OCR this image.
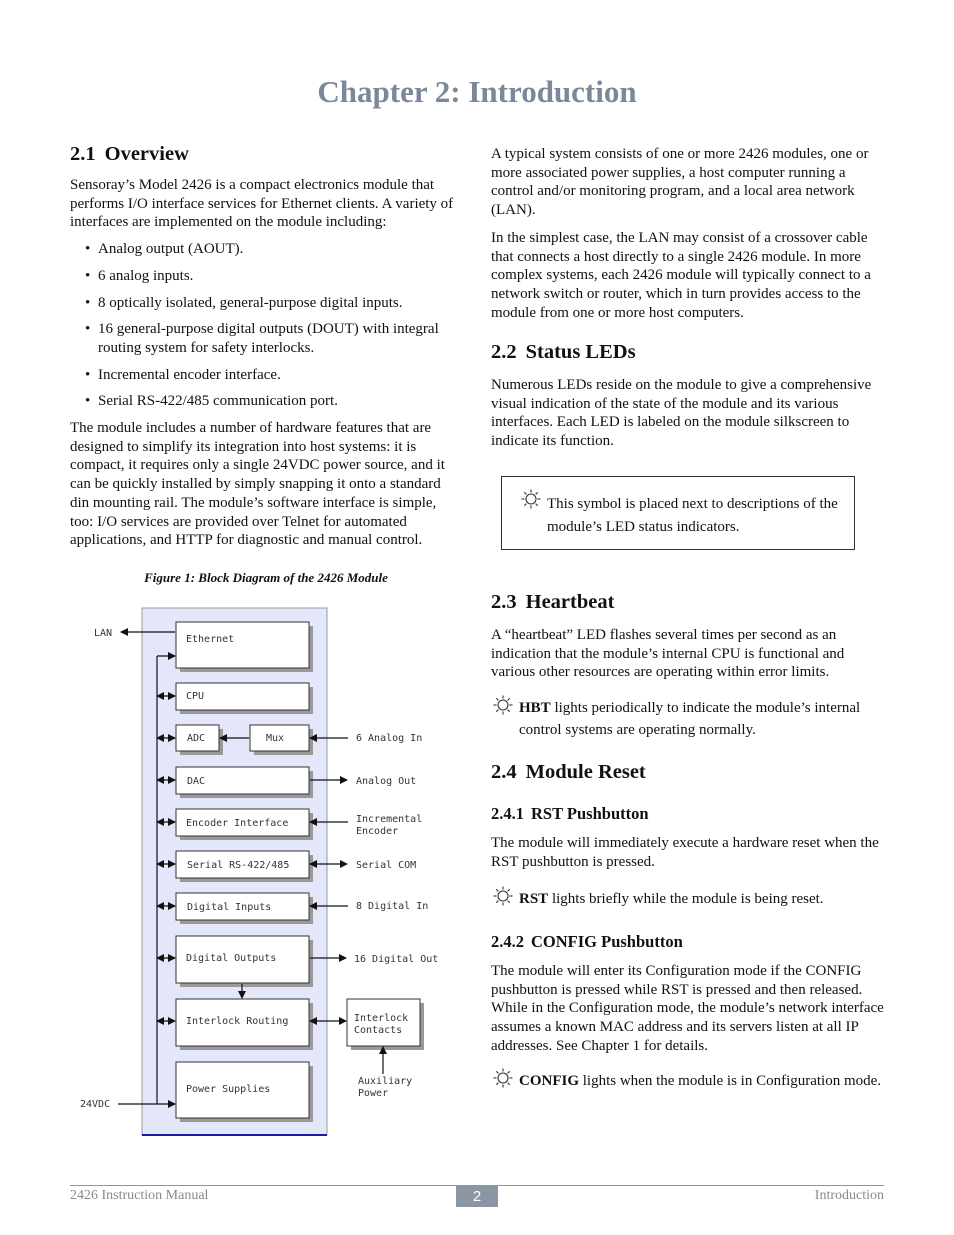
Chapter 2: Introduction
2.1 Overview

Sensoray’s Model 2426 is a compact electronics module that performs I/O interface services for Ethernet clients. A variety of interfaces are implemented on the module including:

• Analog output (AOUT).
• 6 analog inputs.
• 8 optically isolated, general-purpose digital inputs.
• 16 general-purpose digital outputs (DOUT) with integral routing system for safety interlocks.
• Incremental encoder interface.
• Serial RS-422/485 communication port.

The module includes a number of hardware features that are designed to simplify its integration into host systems: it is compact, it requires only a single 24VDC power source, and it can be quickly installed by simply snapping it onto a standard din mounting rail. The module’s software interface is simple, too: I/O services are provided over Telnet for automated applications, and HTTP for diagnostic and manual control.

Figure 1: Block Diagram of the 2426 Module
Ethernet
CPU
ADC	Mux
DAC
Encoder Interface
Serial RS-422/485
Digital Inputs
Digital Outputs
Interlock Routing
Power Supplies
Interlock
Contacts
LAN
24VDC
6 Analog In
Analog Out
Incremental
Encoder
Serial COM
8 Digital In
16 Digital Out
Auxiliary
Power

A typical system consists of one or more 2426 modules, one or more associated power supplies, a host computer running a control and/or monitoring program, and a local area network (LAN).

In the simplest case, the LAN may consist of a crossover cable that connects a host directly to a single 2426 module. In more complex systems, each 2426 module will typically connect to a network switch or router, which in turn provides access to the module from one or more host computers.

2.2 Status LEDs

Numerous LEDs reside on the module to give a comprehensive visual indication of the state of the module and its various interfaces. Each LED is labeled on the module silkscreen to indicate its function.

This symbol is placed next to descriptions of the module’s LED status indicators.

2.3 Heartbeat

A “heartbeat” LED flashes several times per second as an indication that the module’s internal CPU is functional and various other resources are operating within error limits.

HBT lights periodically to indicate the module’s internal control systems are operating normally.

2.4 Module Reset
2.4.1 RST Pushbutton

The module will immediately execute a hardware reset when the RST pushbutton is pressed.

RST lights briefly while the module is being reset.

2.4.2 CONFIG Pushbutton

The module will enter its Configuration mode if the CONFIG pushbutton is pressed while RST is pressed and then released. While in the Configuration mode, the module’s network interface assumes a known MAC address and its servers listen at all IP addresses. See Chapter 1 for details.

CONFIG lights when the module is in Configuration mode.

2426 Instruction Manual	2	Introduction
